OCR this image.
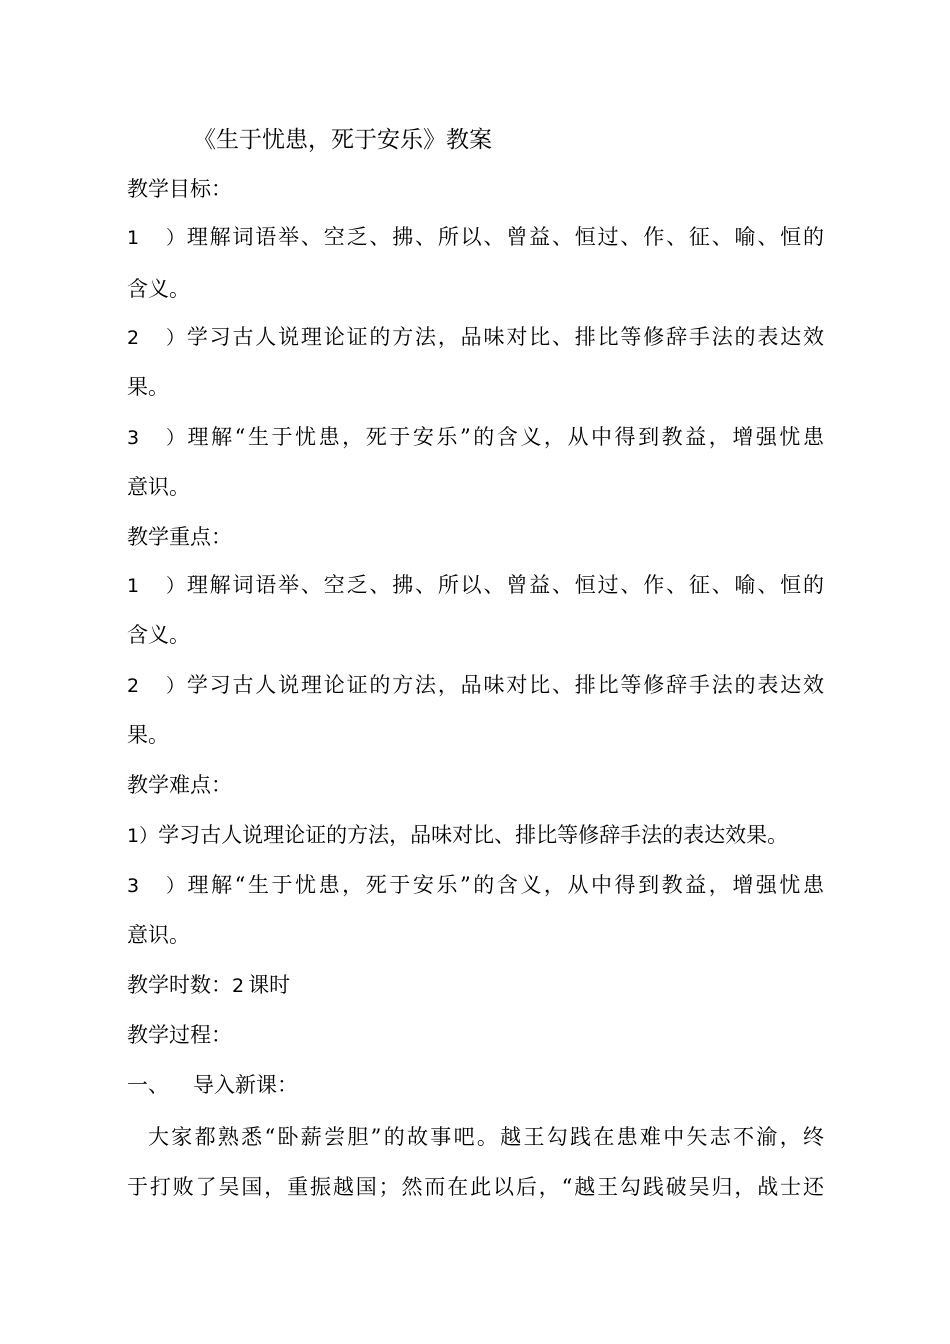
《生于忧患，死于安乐》教案
教学目标：
1）理解词语举、空乏、拂、所以、曾益、恒过、作、征、喻、恒的
含义。
2）学习古人说理论证的方法，品味对比、排比等修辞手法的表达效
果。
3）理解“生于忧患，死于安乐”的含义，从中得到教益，增强忧患
意识。
教学重点：
1）理解词语举、空乏、拂、所以、曾益、恒过、作、征、喻、恒的
含义。
2）学习古人说理论证的方法，品味对比、排比等修辞手法的表达效
果。
教学难点：
1）学习古人说理论证的方法，品味对比、排比等修辞手法的表达效果。
3）理解“生于忧患，死于安乐”的含义，从中得到教益，增强忧患
意识。
教学时数：2 课时
教学过程：
一、 导入新课：
大家都熟悉“卧薪尝胆”的故事吧。越王勾践在患难中矢志不渝，终
于打败了吴国，重振越国；然而在此以后，“越王勾践破吴归，战士还
